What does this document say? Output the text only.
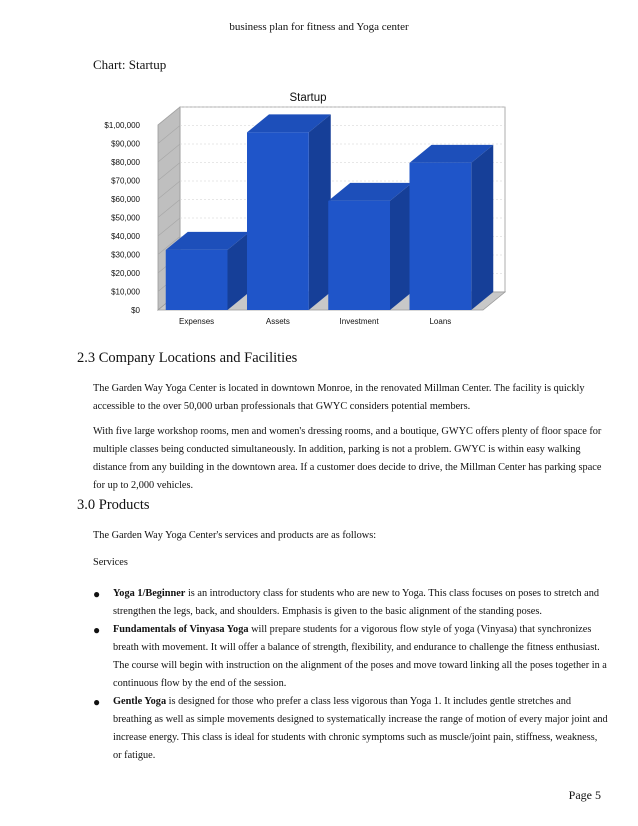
business plan for fitness and Yoga center
Chart: Startup
Startup
$0
$10,000
$20,000
$30,000
$40,000
$50,000
$60,000
$70,000
$80,000
$90,000
$1,00,000
Expenses	Assets	Investment	Loans
2.3 Company Locations and Facilities
The Garden Way Yoga Center is located in downtown Monroe, in the renovated Millman Center. The facility is quickly accessible to the over 50,000 urban professionals that GWYC considers potential members.
With five large workshop rooms, men and women's dressing rooms, and a boutique, GWYC offers plenty of floor space for multiple classes being conducted simultaneously. In addition, parking is not a problem. GWYC is within easy walking distance from any building in the downtown area. If a customer does decide to drive, the Millman Center has parking space for up to 2,000 vehicles.
3.0 Products
The Garden Way Yoga Center's services and products are as follows:
Services
● Yoga 1/Beginner is an introductory class for students who are new to Yoga. This class focuses on poses to stretch and strengthen the legs, back, and shoulders. Emphasis is given to the basic alignment of the standing poses.
● Fundamentals of Vinyasa Yoga will prepare students for a vigorous flow style of yoga (Vinyasa) that synchronizes breath with movement. It will offer a balance of strength, flexibility, and endurance to challenge the fitness enthusiast. The course will begin with instruction on the alignment of the poses and move toward linking all the poses together in a continuous flow by the end of the session.
● Gentle Yoga is designed for those who prefer a class less vigorous than Yoga 1. It includes gentle stretches and breathing as well as simple movements designed to systematically increase the range of motion of every major joint and increase energy. This class is ideal for students with chronic symptoms such as muscle/joint pain, stiffness, weakness, or fatigue.
Page 5
